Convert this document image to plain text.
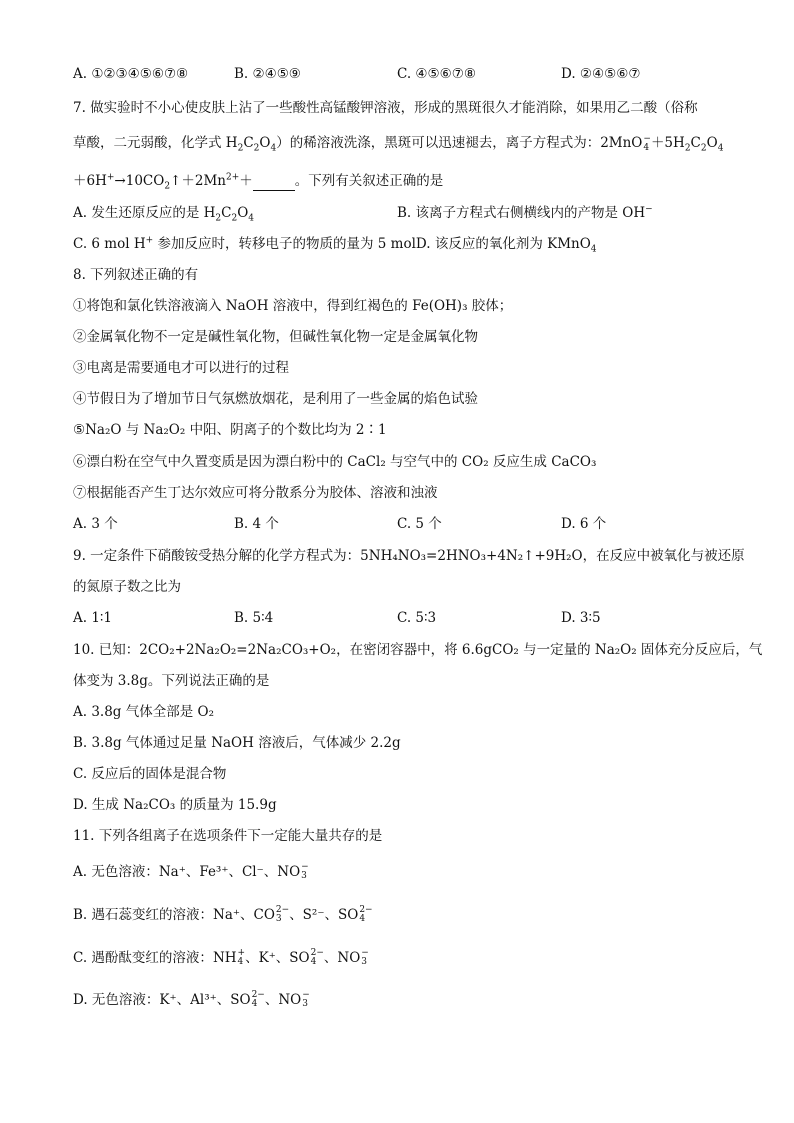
A. ①②③④⑤⑥⑦⑧	B. ②④⑤⑨	C. ④⑤⑥⑦⑧	D. ②④⑤⑥⑦
7. 做实验时不小心使皮肤上沾了一些酸性高锰酸钾溶液，形成的黑斑很久才能消除，如果用乙二酸（俗称
草酸，二元弱酸，化学式 $H_2C_2O_4$）的稀溶液洗涤，黑斑可以迅速褪去，离子方程式为：2MnO −
$4 +5H_2C_2O_4$
$+6H^+\to 10CO_2↑+2Mn^{2+}+$	。下列有关叙述正确的是
A. 发生还原反应的是 $H_2C_2O_4$	B. 该离子方程式右侧横线内的产物是 OH−
C. 6 mol H+ 参加反应时，转移电子的物质的量为 5 molD. 该反应的氧化剂为 KMnO$_4$
8. 下列叙述正确的有
①将饱和氯化铁溶液滴入 NaOH 溶液中，得到红褐色的 Fe(OH)₃ 胶体；
②金属氧化物不一定是碱性氧化物，但碱性氧化物一定是金属氧化物
③电离是需要通电才可以进行的过程
④节假日为了增加节日气氛燃放烟花，是利用了一些金属的焰色试验
⑤Na₂O 与 Na₂O₂ 中阳、阴离子的个数比均为 2∶1
⑥漂白粉在空气中久置变质是因为漂白粉中的 CaCl₂ 与空气中的 CO₂ 反应生成 CaCO₃
⑦根据能否产生丁达尔效应可将分散系分为胶体、溶液和浊液
A. 3 个	B. 4 个	C. 5 个	D. 6 个
9. 一定条件下硝酸铵受热分解的化学方程式为：5NH₄NO₃=2HNO₃+4N₂↑+9H₂O，在反应中被氧化与被还原
的氮原子数之比为
A. 1∶1	B. 5∶4	C. 5∶3	D. 3∶5
10. 已知：2CO₂+2Na₂O₂=2Na₂CO₃+O₂，在密闭容器中，将 6.6gCO₂ 与一定量的 Na₂O₂ 固体充分反应后，气
体变为 3.8g。下列说法正确的是
A. 3.8g 气体全部是 O₂
B. 3.8g 气体通过足量 NaOH 溶液后，气体减少 2.2g
C. 反应后的固体是混合物
D. 生成 Na₂CO₃ 的质量为 15.9g
11. 下列各组离子在选项条件下一定能大量共存的是
A. 无色溶液：Na⁺、Fe³⁺、Cl⁻、NO −
3
B. 遇石蕊变红的溶液：Na⁺、CO 2−
3 、S²⁻、SO 2−
4
C. 遇酚酞变红的溶液：NH +
4 、K⁺、SO 2−
4 、NO −
3
D. 无色溶液：K⁺、Al³⁺、SO 2−
4 、NO −
3
